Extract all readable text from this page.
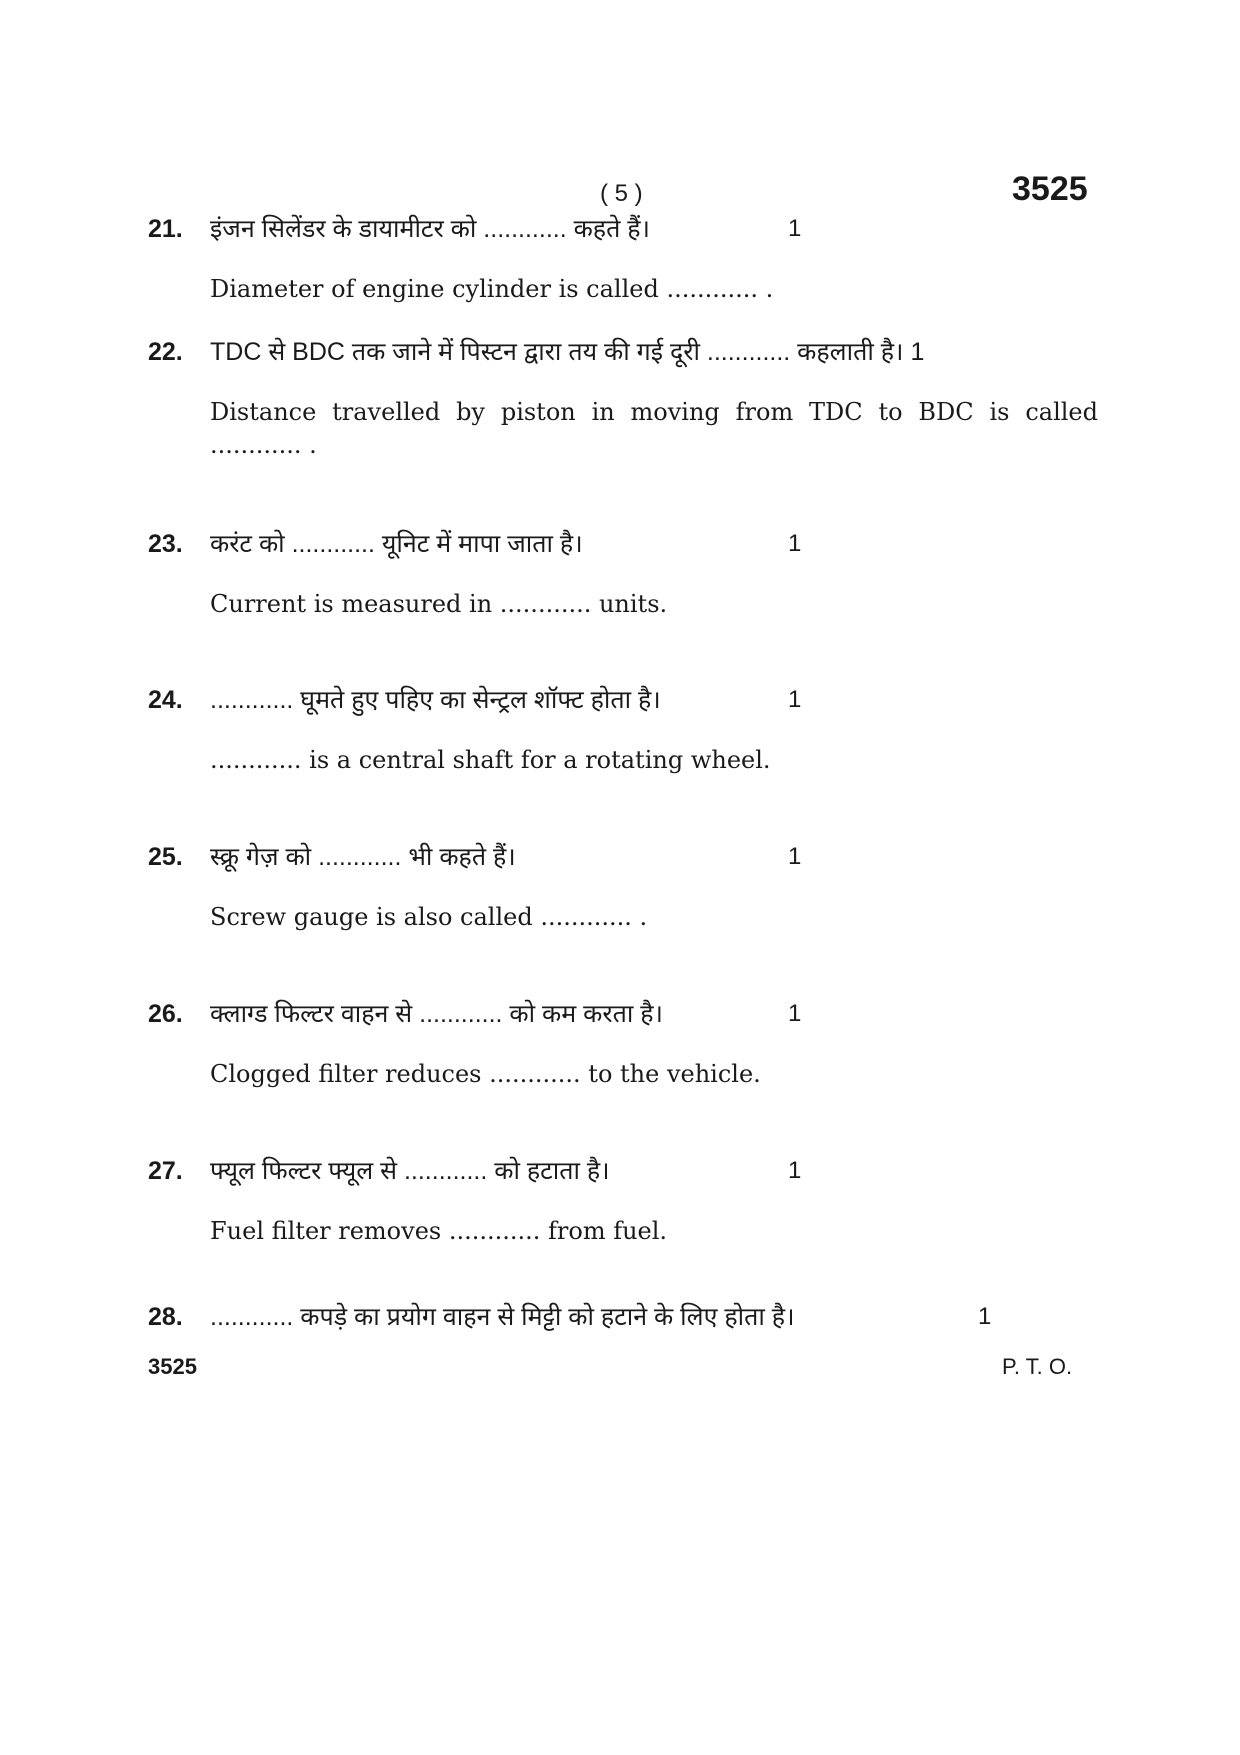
( 5 )	3525
21. इंजन सिलेंडर के डायामीटर को ............ कहते हैं।	1
Diameter of engine cylinder is called ............ .
22. TDC से BDC तक जाने में पिस्टन द्वारा तय की गई दूरी ............ कहलाती है। 1
Distance travelled by piston in moving from TDC to BDC is called
............ .
23. करंट को ............ यूनिट में मापा जाता है।	1
Current is measured in ............ units.
24. ............ घूमते हुए पहिए का सेन्ट्रल शॉफ्ट होता है।	1
............ is a central shaft for a rotating wheel.
25. स्क्रू गेज़ को ............ भी कहते हैं।	1
Screw gauge is also called ............ .
26. क्लाग्ड फिल्टर वाहन से ............ को कम करता है।	1
Clogged filter reduces ............ to the vehicle.
27. फ्यूल फिल्टर फ्यूल से ............ को हटाता है।	1
Fuel filter removes ............ from fuel.
28. ............ कपड़े का प्रयोग वाहन से मिट्टी को हटाने के लिए होता है।	1
3525	P. T. O.
